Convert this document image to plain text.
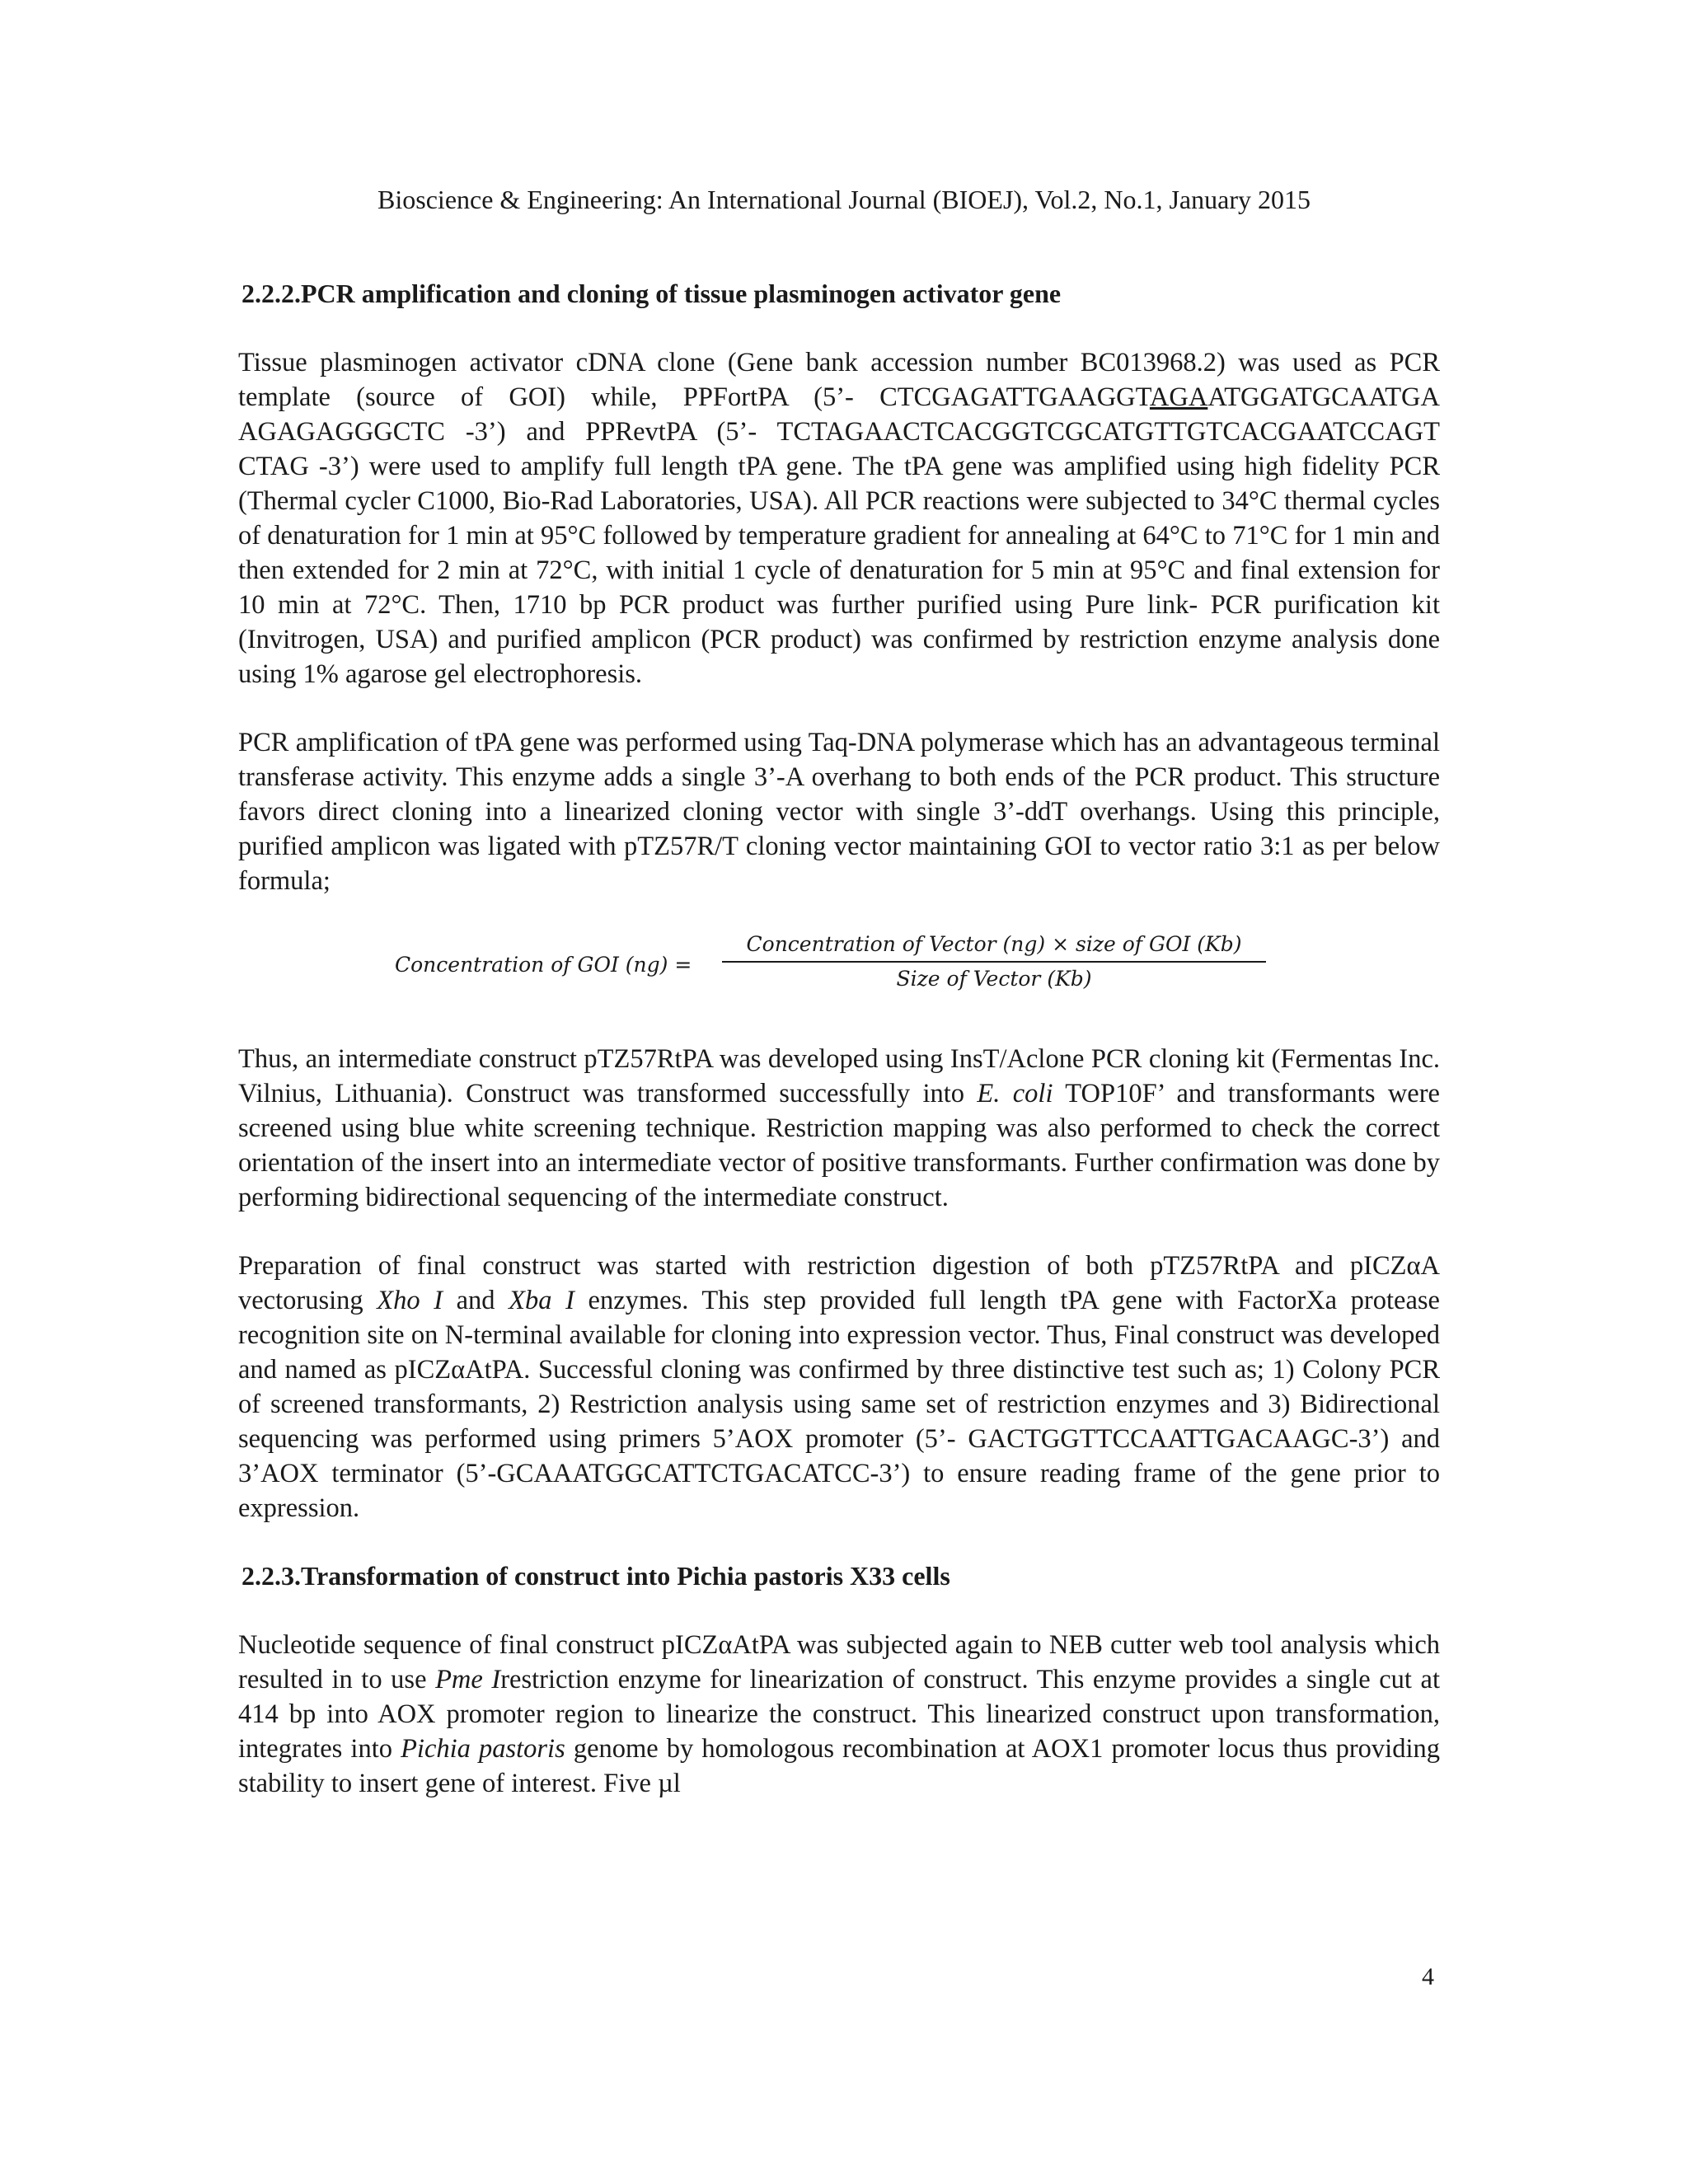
Bioscience & Engineering: An International Journal (BIOEJ), Vol.2, No.1, January 2015
2.2.2.PCR amplification and cloning of tissue plasminogen activator gene

Tissue plasminogen activator cDNA clone (Gene bank accession number BC013968.2) was used as PCR template (source of GOI) while, PPFortPA (5’- CTCGAGATTGAAGGTAGAATGGATGCAATGA AGAGAGGGCTC -3’) and PPRevtPA (5’- TCTAGAACTCACGGTCGCATGTTGTCACGAATCCAGT CTAG -3’) were used to amplify full length tPA gene. The tPA gene was amplified using high fidelity PCR (Thermal cycler C1000, Bio-Rad Laboratories, USA). All PCR reactions were subjected to 34°C thermal cycles of denaturation for 1 min at 95°C followed by temperature gradient for annealing at 64°C to 71°C for 1 min and then extended for 2 min at 72°C, with initial 1 cycle of denaturation for 5 min at 95°C and final extension for 10 min at 72°C. Then, 1710 bp PCR product was further purified using Pure link- PCR purification kit (Invitrogen, USA) and purified amplicon (PCR product) was confirmed by restriction enzyme analysis done using 1% agarose gel electrophoresis.

PCR amplification of tPA gene was performed using Taq-DNA polymerase which has an advantageous terminal transferase activity. This enzyme adds a single 3’-A overhang to both ends of the PCR product. This structure favors direct cloning into a linearized cloning vector with single 3’-ddT overhangs. Using this principle, purified amplicon was ligated with pTZ57R/T cloning vector maintaining GOI to vector ratio 3:1 as per below formula;

Concentration of GOI (ng) =
Concentration of Vector (ng) × size of GOI (Kb)
Size of Vector (Kb)

Thus, an intermediate construct pTZ57RtPA was developed using InsT/Aclone PCR cloning kit (Fermentas Inc. Vilnius, Lithuania). Construct was transformed successfully into E. coli TOP10F’ and transformants were screened using blue white screening technique. Restriction mapping was also performed to check the correct orientation of the insert into an intermediate vector of positive transformants. Further confirmation was done by performing bidirectional sequencing of the intermediate construct.

Preparation of final construct was started with restriction digestion of both pTZ57RtPA and pICZαA vectorusing Xho I and Xba I enzymes. This step provided full length tPA gene with FactorXa protease recognition site on N-terminal available for cloning into expression vector. Thus, Final construct was developed and named as pICZαAtPA. Successful cloning was confirmed by three distinctive test such as; 1) Colony PCR of screened transformants, 2) Restriction analysis using same set of restriction enzymes and 3) Bidirectional sequencing was performed using primers 5’AOX promoter (5’- GACTGGTTCCAATTGACAAGC-3’) and 3’AOX terminator (5’-GCAAATGGCATTCTGACATCC-3’) to ensure reading frame of the gene prior to expression.

2.2.3.Transformation of construct into Pichia pastoris X33 cells

Nucleotide sequence of final construct pICZαAtPA was subjected again to NEB cutter web tool analysis which resulted in to use Pme Irestriction enzyme for linearization of construct. This enzyme provides a single cut at 414 bp into AOX promoter region to linearize the construct. This linearized construct upon transformation, integrates into Pichia pastoris genome by homologous recombination at AOX1 promoter locus thus providing stability to insert gene of interest. Five µl

4
